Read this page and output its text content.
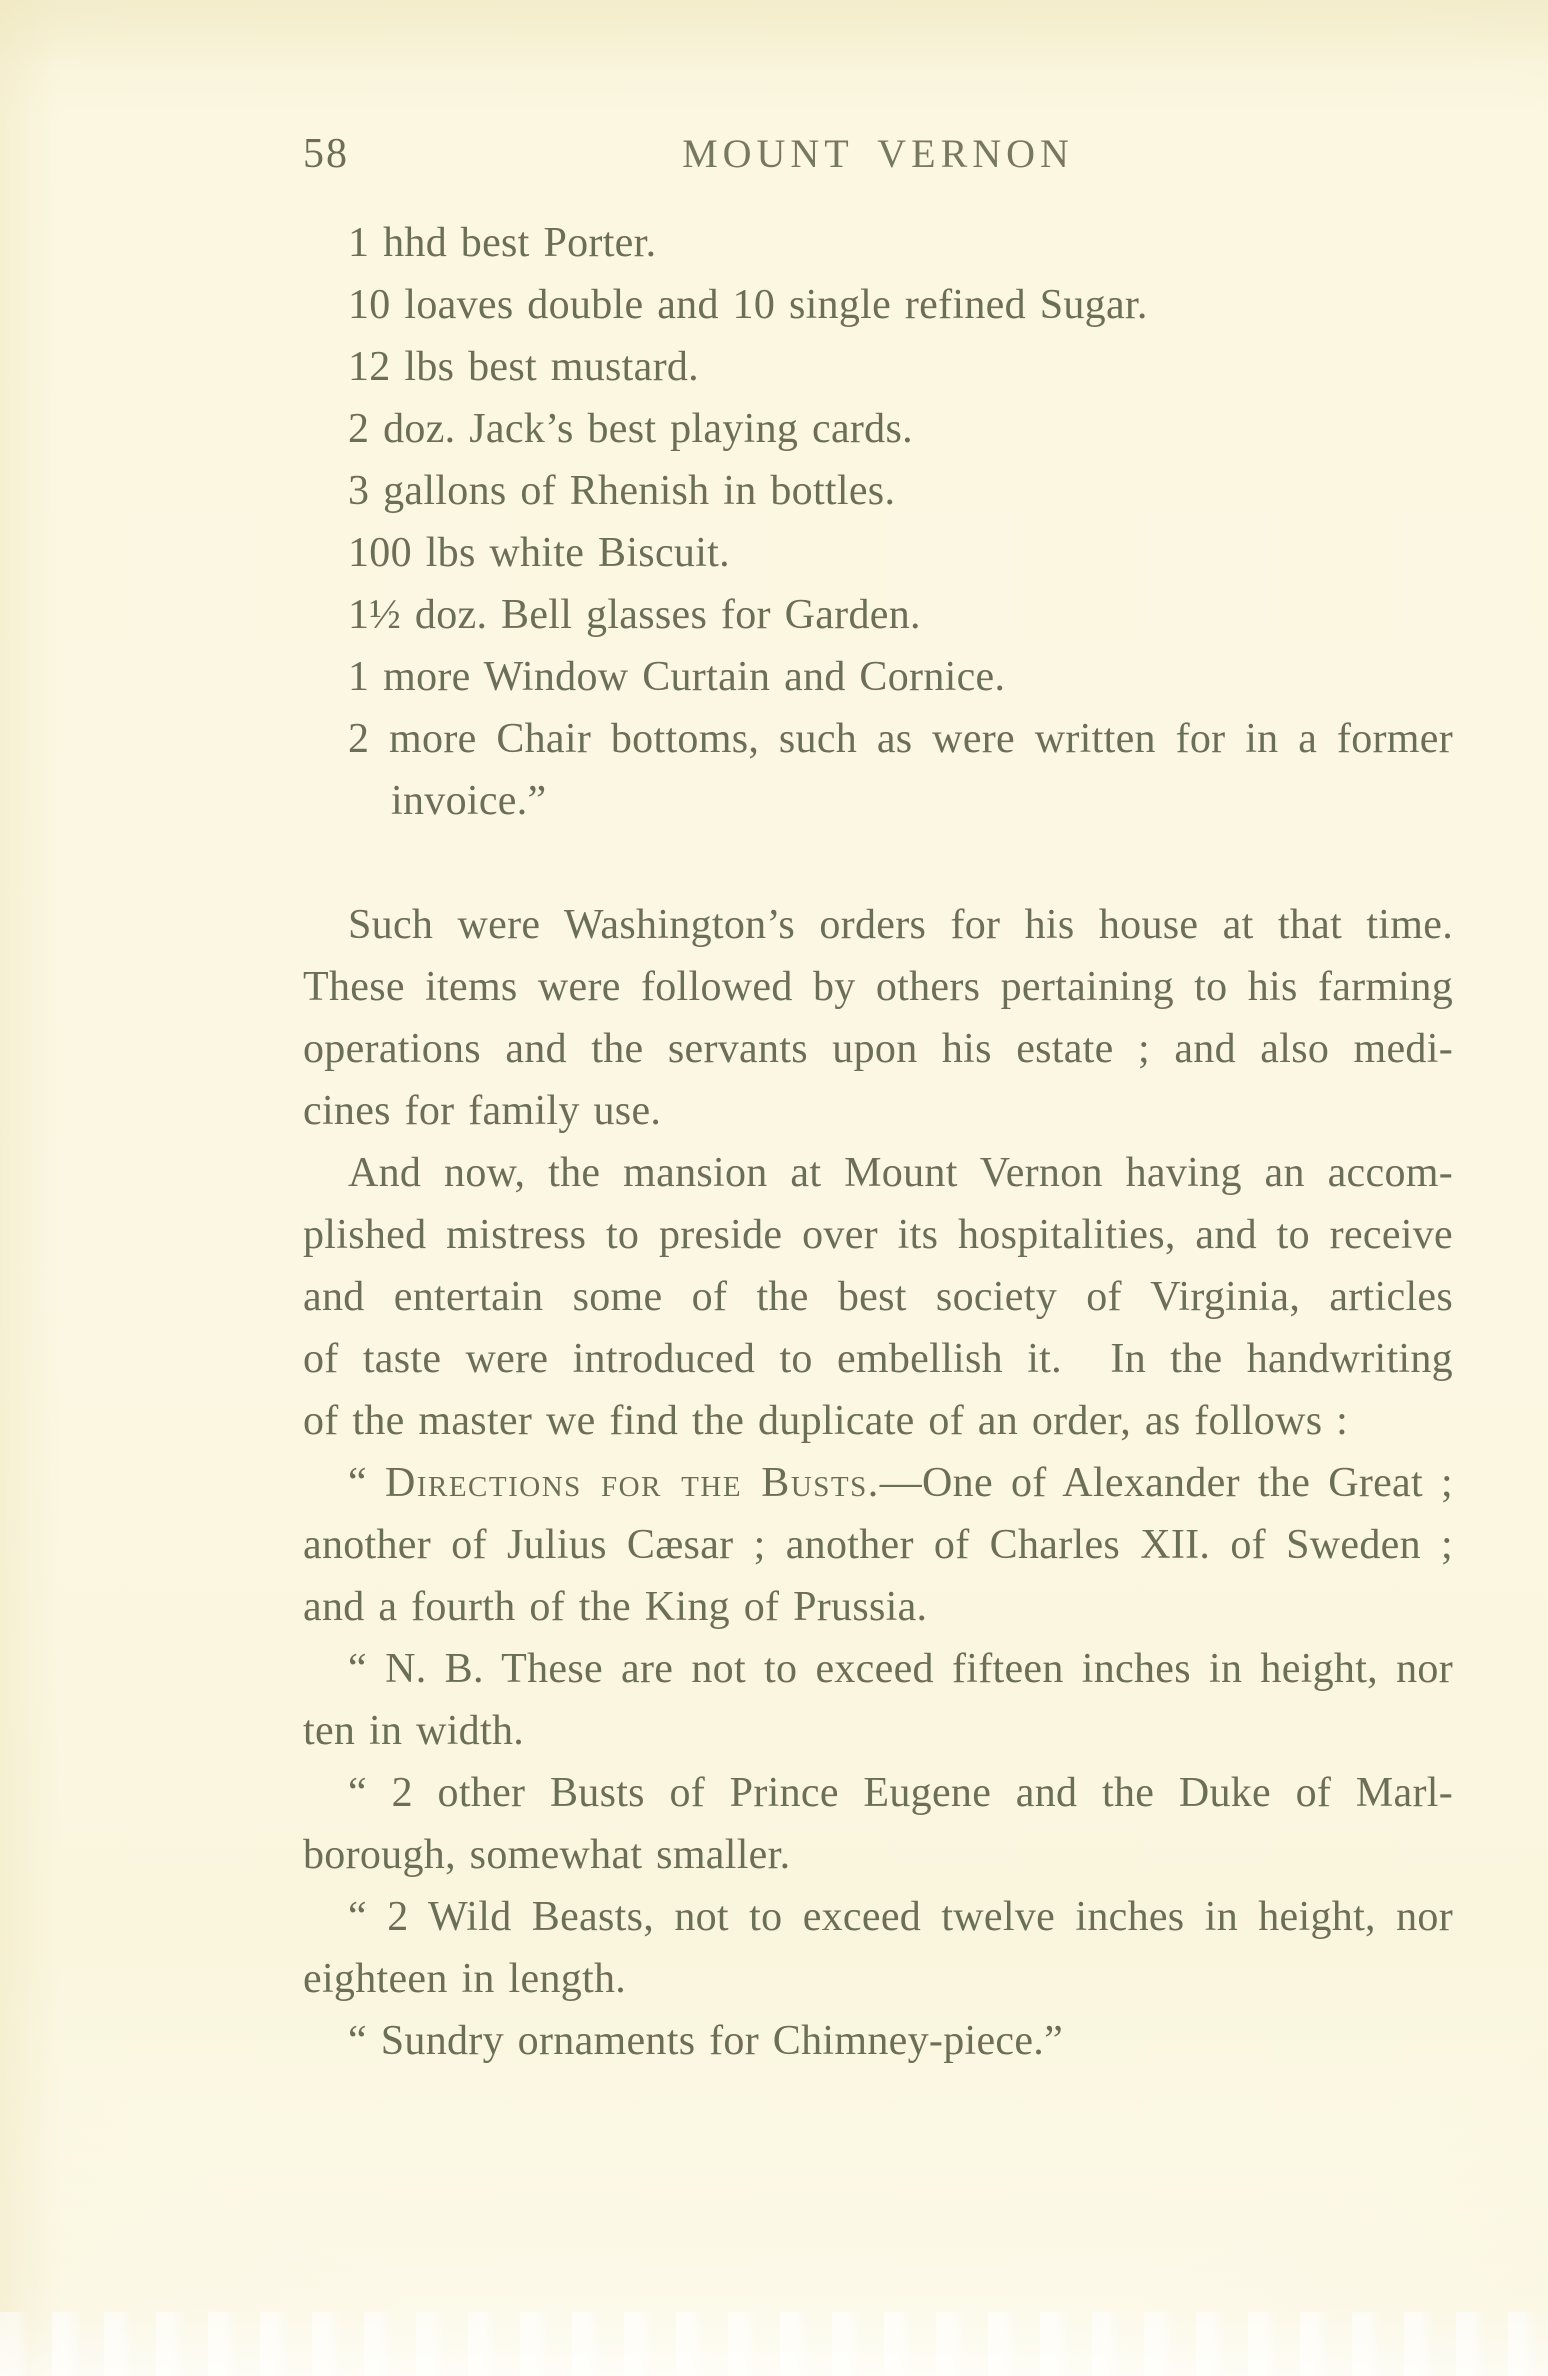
58	MOUNT VERNON
1 hhd best Porter.
10 loaves double and 10 single refined Sugar.
12 lbs best mustard.
2 doz. Jack’s best playing cards.
3 gallons of Rhenish in bottles.
100 lbs white Biscuit.
1½ doz. Bell glasses for Garden.
1 more Window Curtain and Cornice.
2 more Chair bottoms, such as were written for in a former
invoice.”
Such were Washington’s orders for his house at that time.
These items were followed by others pertaining to his farming
operations and the servants upon his estate ; and also medi-
cines for family use.
And now, the mansion at Mount Vernon having an accom-
plished mistress to preside over its hospitalities, and to receive
and entertain some of the best society of Virginia, articles
of taste were introduced to embellish it.  In the handwriting
of the master we find the duplicate of an order, as follows :
“ Directions for the Busts.—One of Alexander the Great ;
another of Julius Cæsar ; another of Charles XII. of Sweden ;
and a fourth of the King of Prussia.
“ N. B. These are not to exceed fifteen inches in height, nor
ten in width.
“ 2 other Busts of Prince Eugene and the Duke of Marl-
borough, somewhat smaller.
“ 2 Wild Beasts, not to exceed twelve inches in height, nor
eighteen in length.
“ Sundry ornaments for Chimney-piece.”
